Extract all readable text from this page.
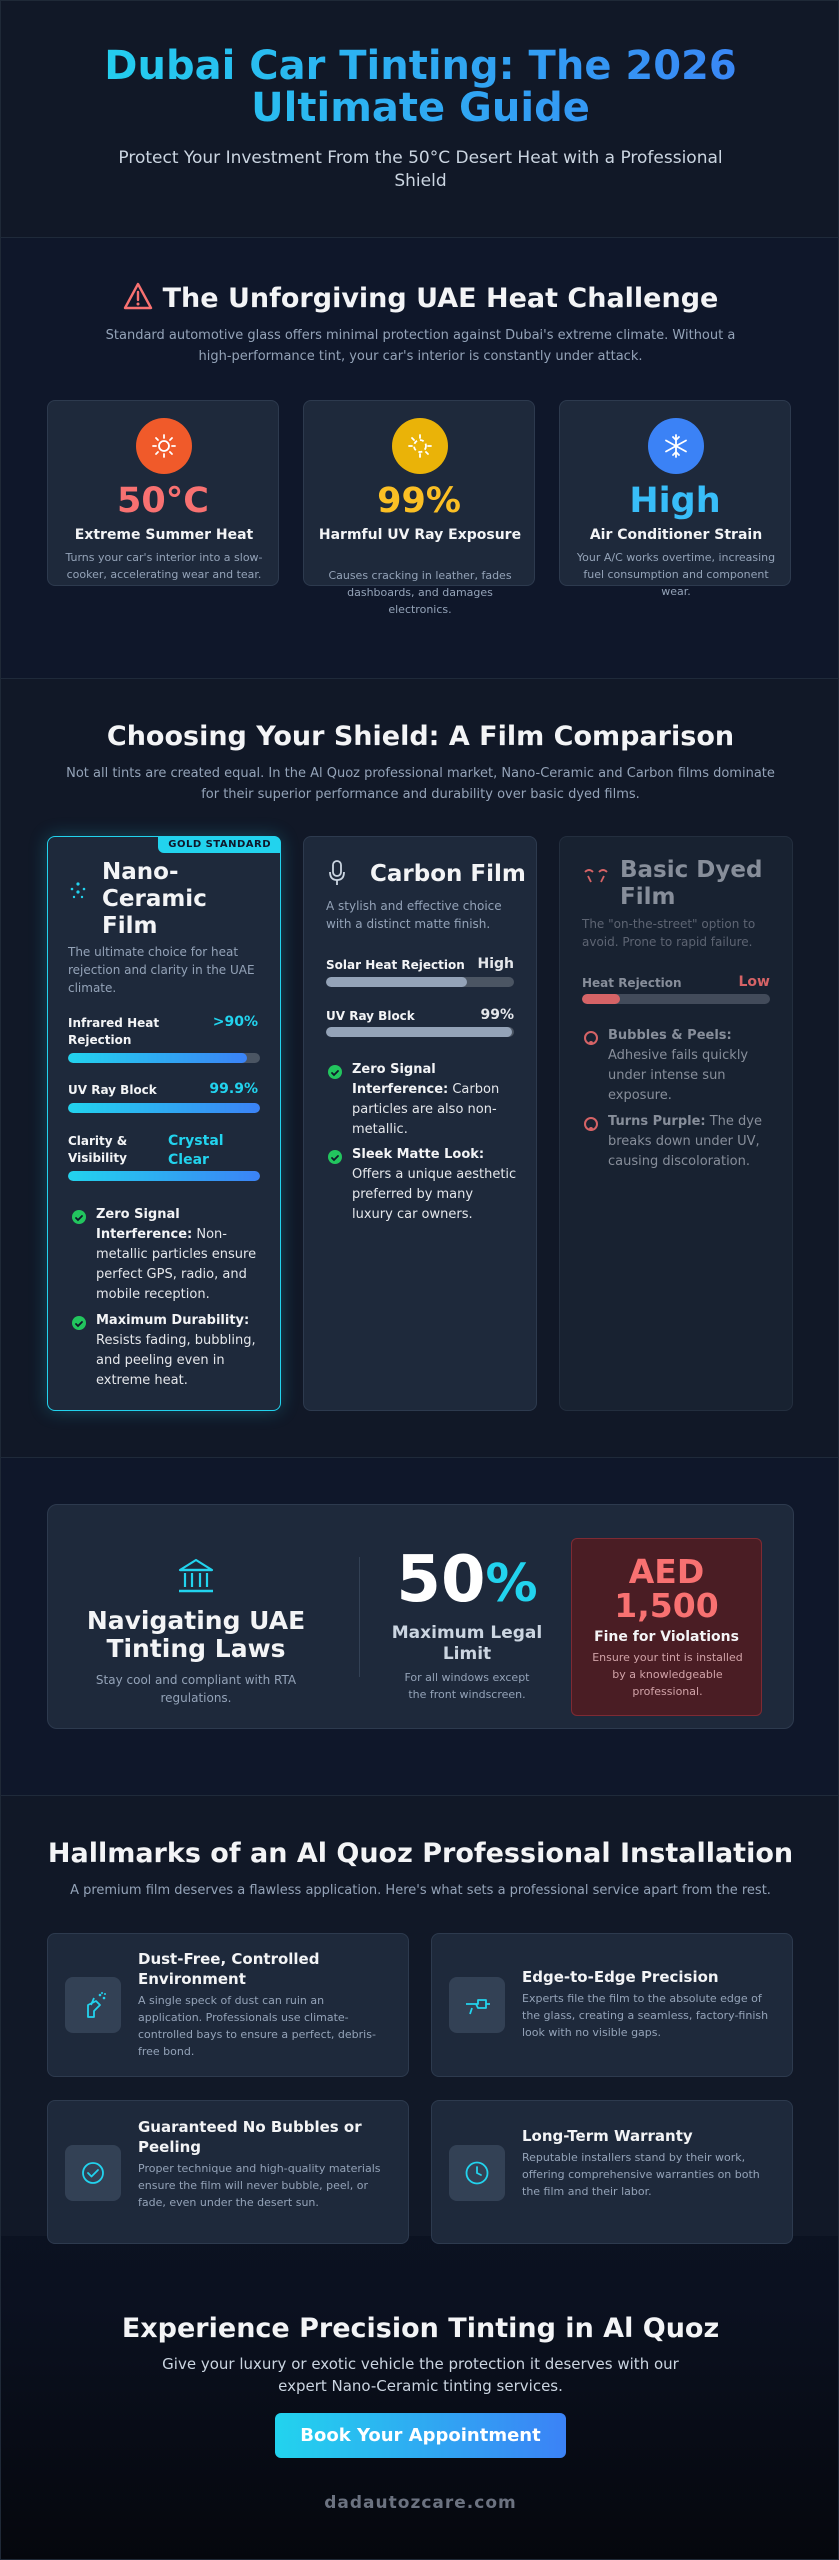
Dubai Car Tinting: The 2026 Ultimate Guide

Protect Your Investment From the 50°C Desert Heat with a Professional Shield

The Unforgiving UAE Heat Challenge
Standard automotive glass offers minimal protection against Dubai's extreme climate. Without a high-performance tint, your car's interior is constantly under attack.
50°C
Extreme Summer Heat
Turns your car's interior into a slow-cooker, accelerating wear and tear.
99%
Harmful UV Ray Exposure
Causes cracking in leather, fades dashboards, and damages electronics.
High
Air Conditioner Strain
Your A/C works overtime, increasing fuel consumption and component wear.
Choosing Your Shield: A Film Comparison
Not all tints are created equal. In the Al Quoz professional market, Nano-Ceramic and Carbon films dominate for their superior performance and durability over basic dyed films.
GOLD STANDARD
Nano-Ceramic Film
The ultimate choice for heat rejection and clarity in the UAE climate.
Infrared Heat Rejection
>90%
UV Ray Block	99.9%
Clarity & Visibility
Crystal Clear
Zero Signal Interference: Non-metallic particles ensure perfect GPS, radio, and mobile reception.
Maximum Durability: Resists fading, bubbling, and peeling even in extreme heat.
Carbon Film
A stylish and effective choice with a distinct matte finish.
Solar Heat Rejection High
UV Ray Block	99%
Zero Signal Interference: Carbon particles are also non-metallic.
Sleek Matte Look: Offers a unique aesthetic preferred by many luxury car owners.
Basic Dyed Film
The "on-the-street" option to avoid. Prone to rapid failure.
Heat Rejection	Low
Bubbles & Peels: Adhesive fails quickly under intense sun exposure.
Turns Purple: The dye breaks down under UV, causing discoloration.
Navigating UAE Tinting Laws
Stay cool and compliant with RTA regulations.
50%
Maximum Legal Limit
For all windows except the front windscreen.
AED 1,500
Fine for Violations
Ensure your tint is installed by a knowledgeable professional.
Hallmarks of an Al Quoz Professional Installation
A premium film deserves a flawless application. Here's what sets a professional service apart from the rest.
Dust-Free, Controlled Environment
A single speck of dust can ruin an application. Professionals use climate-controlled bays to ensure a perfect, debris-free bond.
Edge-to-Edge Precision
Experts file the film to the absolute edge of the glass, creating a seamless, factory-finish look with no visible gaps.
Guaranteed No Bubbles or Peeling
Proper technique and high-quality materials ensure the film will never bubble, peel, or fade, even under the desert sun.
Long-Term Warranty
Reputable installers stand by their work, offering comprehensive warranties on both the film and their labor.
Experience Precision Tinting in Al Quoz
Give your luxury or exotic vehicle the protection it deserves with our expert Nano-Ceramic tinting services.
Book Your Appointment
dadautozcare.com
